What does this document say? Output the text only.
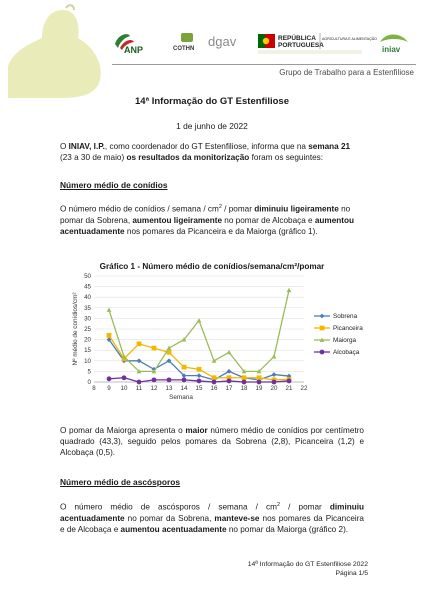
ANP	COTHN dgav	REPÚBLICA
PORTUGUESA
AGRICULTURA E ALIMENTAÇÃO
iniav
Grupo de Trabalho para a Estenfiliose
14ª Informação do GT Estenfiliose
1 de junho de 2022
O INIAV, I.P., como coordenador do GT Estenfiliose, informa que na semana 21 (23 a 30 de maio) os resultados da monitorização foram os seguintes:
Número médio de conídios
O número médio de conídios / semana / $cm^2$ / pomar diminuiu ligeiramente no pomar da Sobrena, aumentou ligeiramente no pomar de Alcobaça e aumentou acentuadamente nos pomares da Picanceira e da Maiorga (gráfico 1).
Gráfico 1 - Número médio de conídios/semana/cm²/pomar
0
5
10
15
20
25
30
35
40
45
50
8 9 10 11 12 13 14 15 16 17 18 19 20 21 22
Semana
Nº médio de conídios/cm²	Sobrena
Picanceira
Maiorga
Alcobaça
O pomar da Maiorga apresenta o maior número médio de conídios por centímetro quadrado (43,3), seguido pelos pomares da Sobrena (2,8), Picanceira (1,2) e Alcobaça (0,5).
Número médio de ascósporos
O número médio de ascósporos / semana / $cm^2$ / pomar diminuiu acentuadamente no pomar da Sobrena, manteve-se nos pomares da Picanceira e de Alcobaça e aumentou acentuadamente no pomar da Maiorga (gráfico 2).
14ª Informação do GT Estenfiliose 2022
Página 1/5
